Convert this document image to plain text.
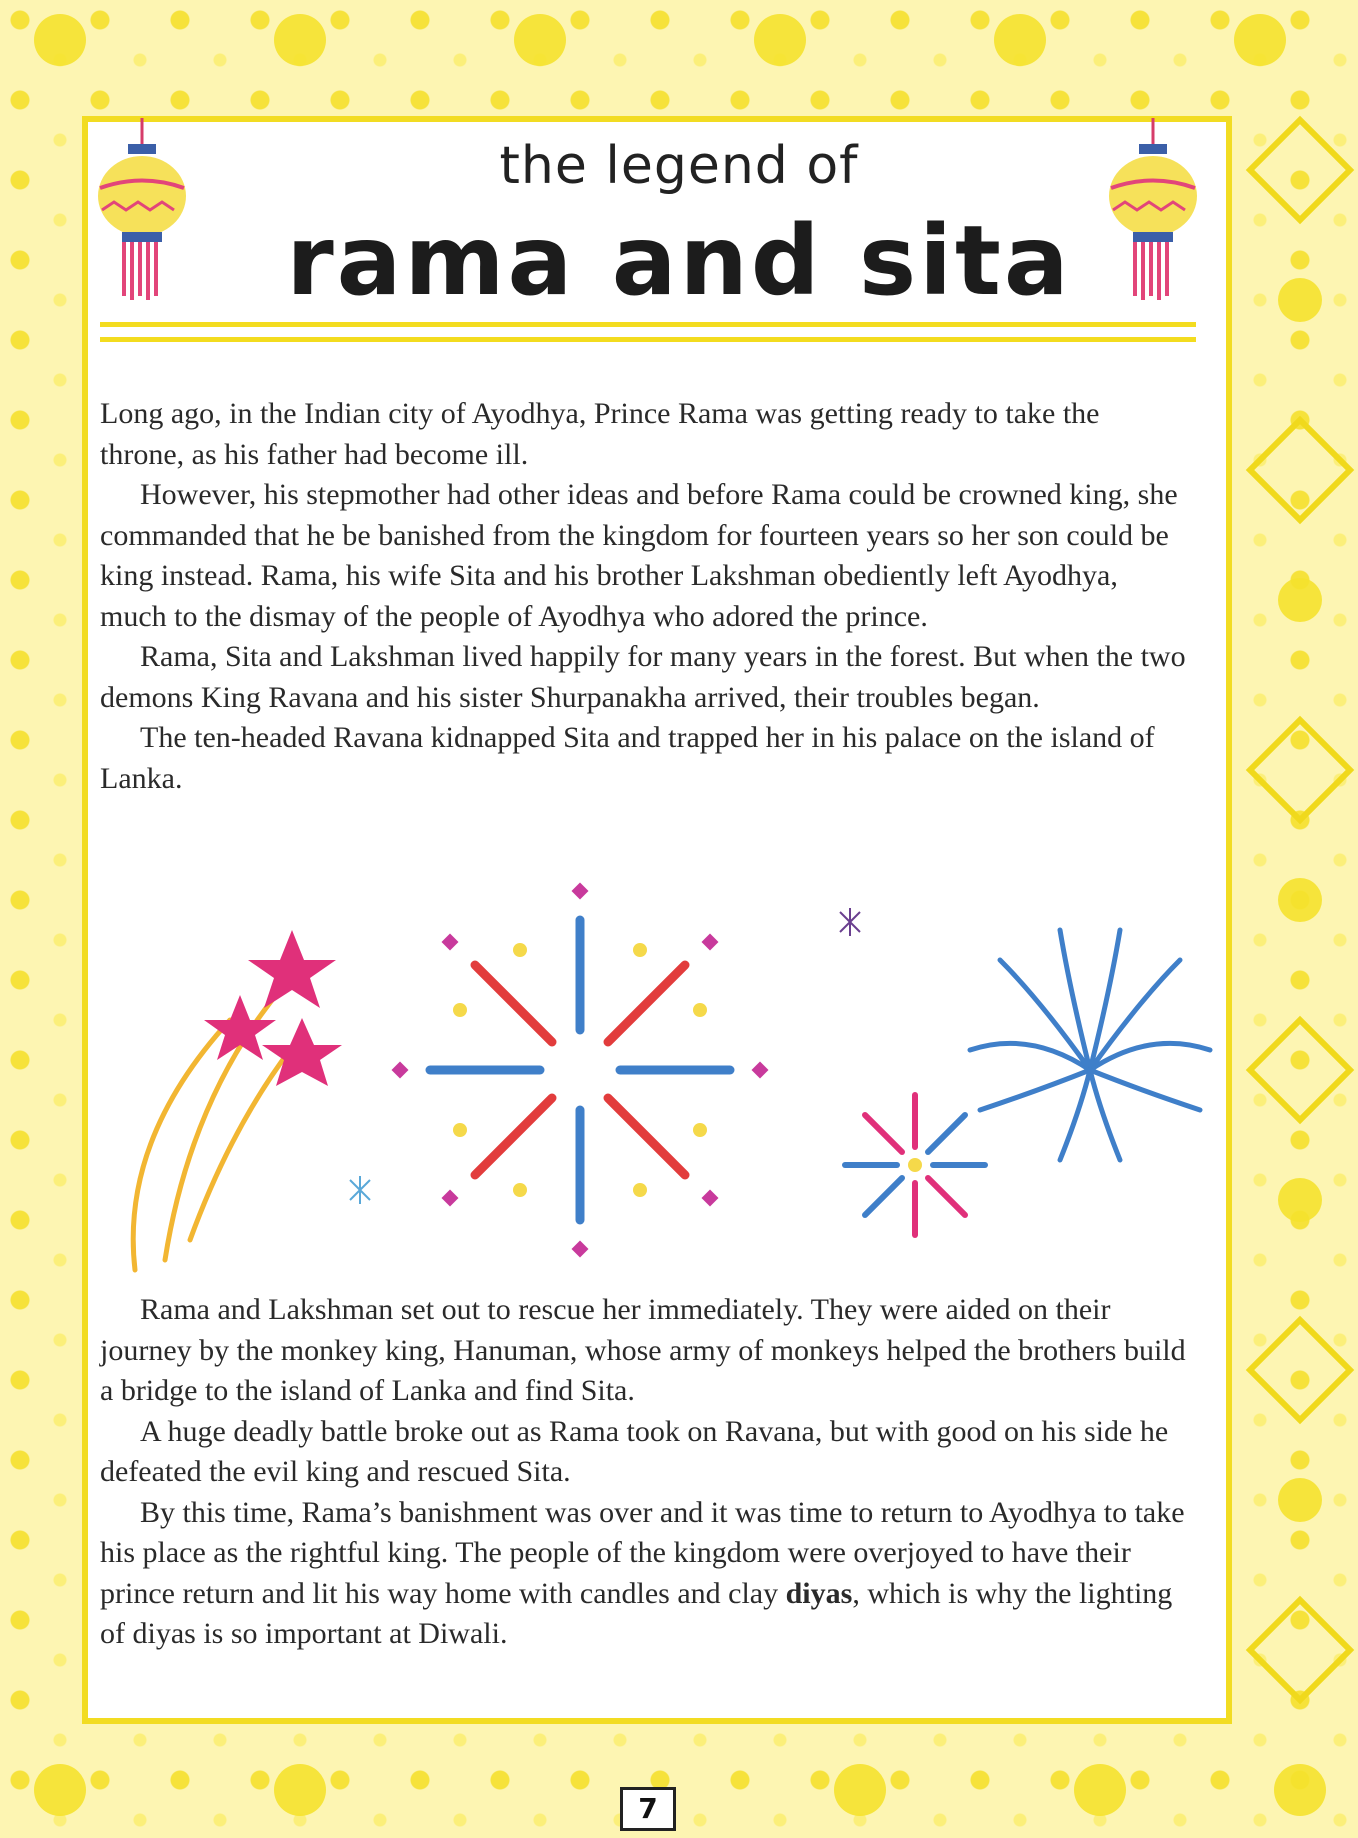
the legend of
rama and sita

Long ago, in the Indian city of Ayodhya, Prince Rama was getting ready to take the throne, as his father had become ill.

However, his stepmother had other ideas and before Rama could be crowned king, she commanded that he be banished from the kingdom for fourteen years so her son could be king instead. Rama, his wife Sita and his brother Lakshman obediently left Ayodhya, much to the dismay of the people of Ayodhya who adored the prince.

Rama, Sita and Lakshman lived happily for many years in the forest. But when the two demons King Ravana and his sister Shurpanakha arrived, their troubles began.

The ten-headed Ravana kidnapped Sita and trapped her in his palace on the island of Lanka.

Rama and Lakshman set out to rescue her immediately. They were aided on their journey by the monkey king, Hanuman, whose army of monkeys helped the brothers build a bridge to the island of Lanka and find Sita.

A huge deadly battle broke out as Rama took on Ravana, but with good on his side he defeated the evil king and rescued Sita.

By this time, Rama’s banishment was over and it was time to return to Ayodhya to take his place as the rightful king. The people of the kingdom were overjoyed to have their prince return and lit his way home with candles and clay diyas, which is why the lighting of diyas is so important at Diwali.

7
